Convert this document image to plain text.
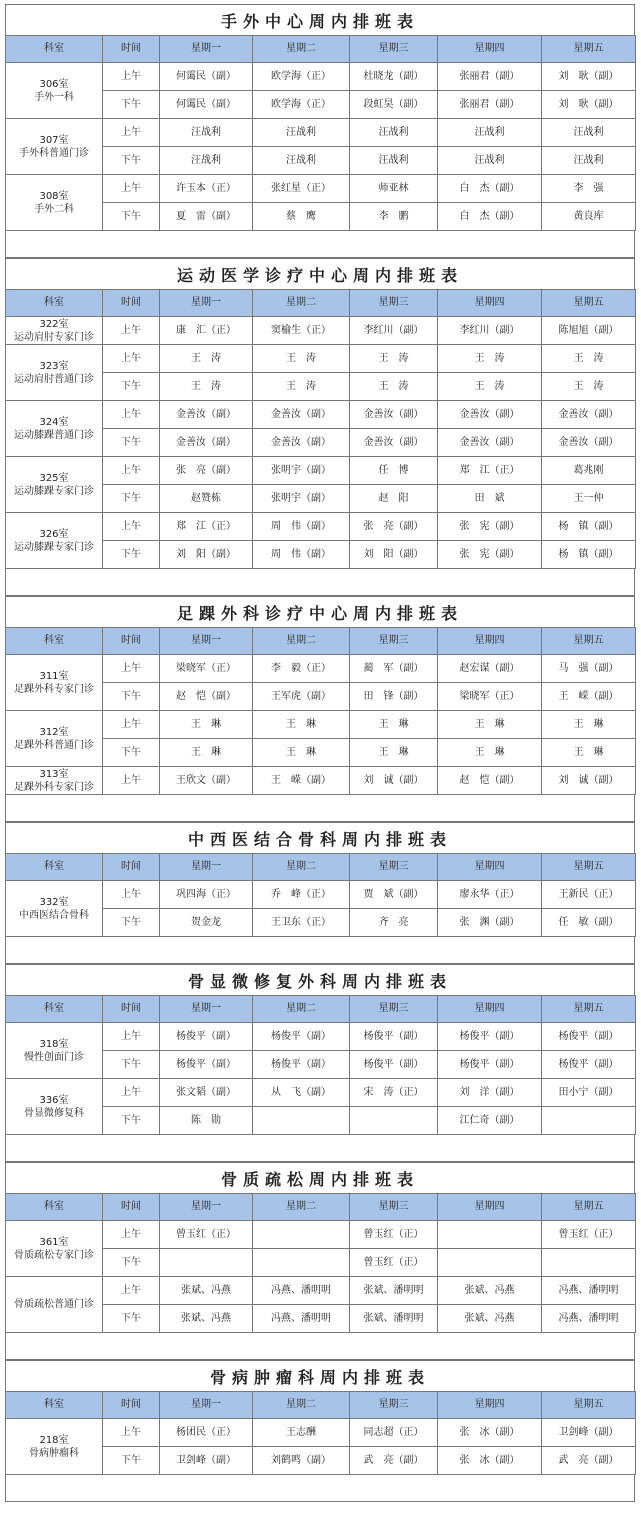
手外中心周内排班表
科室	时间	星期一	星期二	星期三	星期四	星期五
306室
手外一科	上午	何霭民（副）	欧学海（正）	杜晓龙（副）	张丽君（副）	刘　耿（副）
	下午	何霭民（副）	欧学海（正）	段虹昊（副）	张丽君（副）	刘　耿（副）
307室
手外科普通门诊	上午	汪战利	汪战利	汪战利	汪战利	汪战利
	下午	汪战利	汪战利	汪战利	汪战利	汪战利
308室
手外二科	上午	许玉本（正）	张红星（正）	师亚林	白　杰（副）	李　强
	下午	夏　雷（副）	蔡　鹰	李　鹏	白　杰（副）	黄良库
运动医学诊疗中心周内排班表
科室	时间	星期一	星期二	星期三	星期四	星期五
322室
运动肩肘专家门诊	上午	康　汇（正）	窦榆生（正）	李红川（副）	李红川（副）	陈旭旭（副）
323室
运动肩肘普通门诊	上午	王　涛	王　涛	王　涛	王　涛	王　涛
	下午	王　涛	王　涛	王　涛	王　涛	王　涛
324室
运动膝踝普通门诊	上午	金善汝（副）	金善汝（副）	金善汝（副）	金善汝（副）	金善汝（副）
	下午	金善汝（副）	金善汝（副）	金善汝（副）	金善汝（副）	金善汝（副）
325室
运动膝踝专家门诊	上午	张　亮（副）	张明宇（副）	任　博	郑　江（正）	葛兆刚
	下午	赵赞栋	张明宇（副）	赵　阳	田　斌	王一仲
326室
运动膝踝专家门诊	上午	郑　江（正）	周　伟（副）	张　亮（副）	张　宪（副）	杨　镇（副）
	下午	刘　阳（副）	周　伟（副）	刘　阳（副）	张　宪（副）	杨　镇（副）
足踝外科诊疗中心周内排班表
科室	时间	星期一	星期二	星期三	星期四	星期五
311室
足踝外科专家门诊	上午	梁晓军（正）	李　毅（正）	蔺　军（副）	赵宏谋（副）	马　强（副）
	下午	赵　恺（副）	王军虎（副）	田　锋（副）	梁晓军（正）	王　嵘（副）
312室
足踝外科普通门诊	上午	王　琳	王　琳	王　琳	王　琳	王　琳
	下午	王　琳	王　琳	王　琳	王　琳	王　琳
313室
足踝外科专家门诊	上午	王欣文（副）	王　嵘（副）	刘　诚（副）	赵　恺（副）	刘　诚（副）
中西医结合骨科周内排班表
科室	时间	星期一	星期二	星期三	星期四	星期五
332室
中西医结合骨科	上午	巩四海（正）	乔　峰（正）	贾　斌（副）	廖永华（正）	王新民（正）
	下午	贺金龙	王卫东（正）	齐　亮	张　渊（副）	任　敏（副）
骨显微修复外科周内排班表
科室	时间	星期一	星期二	星期三	星期四	星期五
318室
慢性创面门诊	上午	杨俊平（副）	杨俊平（副）	杨俊平（副）	杨俊平（副）	杨俊平（副）
	下午	杨俊平（副）	杨俊平（副）	杨俊平（副）	杨俊平（副）	杨俊平（副）
336室
骨显微修复科	上午	张文韬（副）	从　飞（副）	宋　涛（正）	刘　洋（副）	田小宁（副）
	下午	陈　勋			江仁奇（副）	
骨质疏松周内排班表
科室	时间	星期一	星期二	星期三	星期四	星期五
361室
骨质疏松专家门诊	上午	曾玉红（正）		曾玉红（正）		曾玉红（正）
	下午			曾玉红（正）		
骨质疏松普通门诊	上午	张斌、冯燕	冯燕、潘明明	张斌、潘明明	张斌、冯燕	冯燕、潘明明
	下午	张斌、冯燕	冯燕、潘明明	张斌、潘明明	张斌、冯燕	冯燕、潘明明
骨病肿瘤科周内排班表
科室	时间	星期一	星期二	星期三	星期四	星期五
218室
骨病肿瘤科	上午	杨团民（正）	王志酬	同志超（正）	张　冰（副）	卫剑峰（副）
	下午	卫剑峰（副）	刘鹤鸣（副）	武　亮（副）	张　冰（副）	武　亮（副）
